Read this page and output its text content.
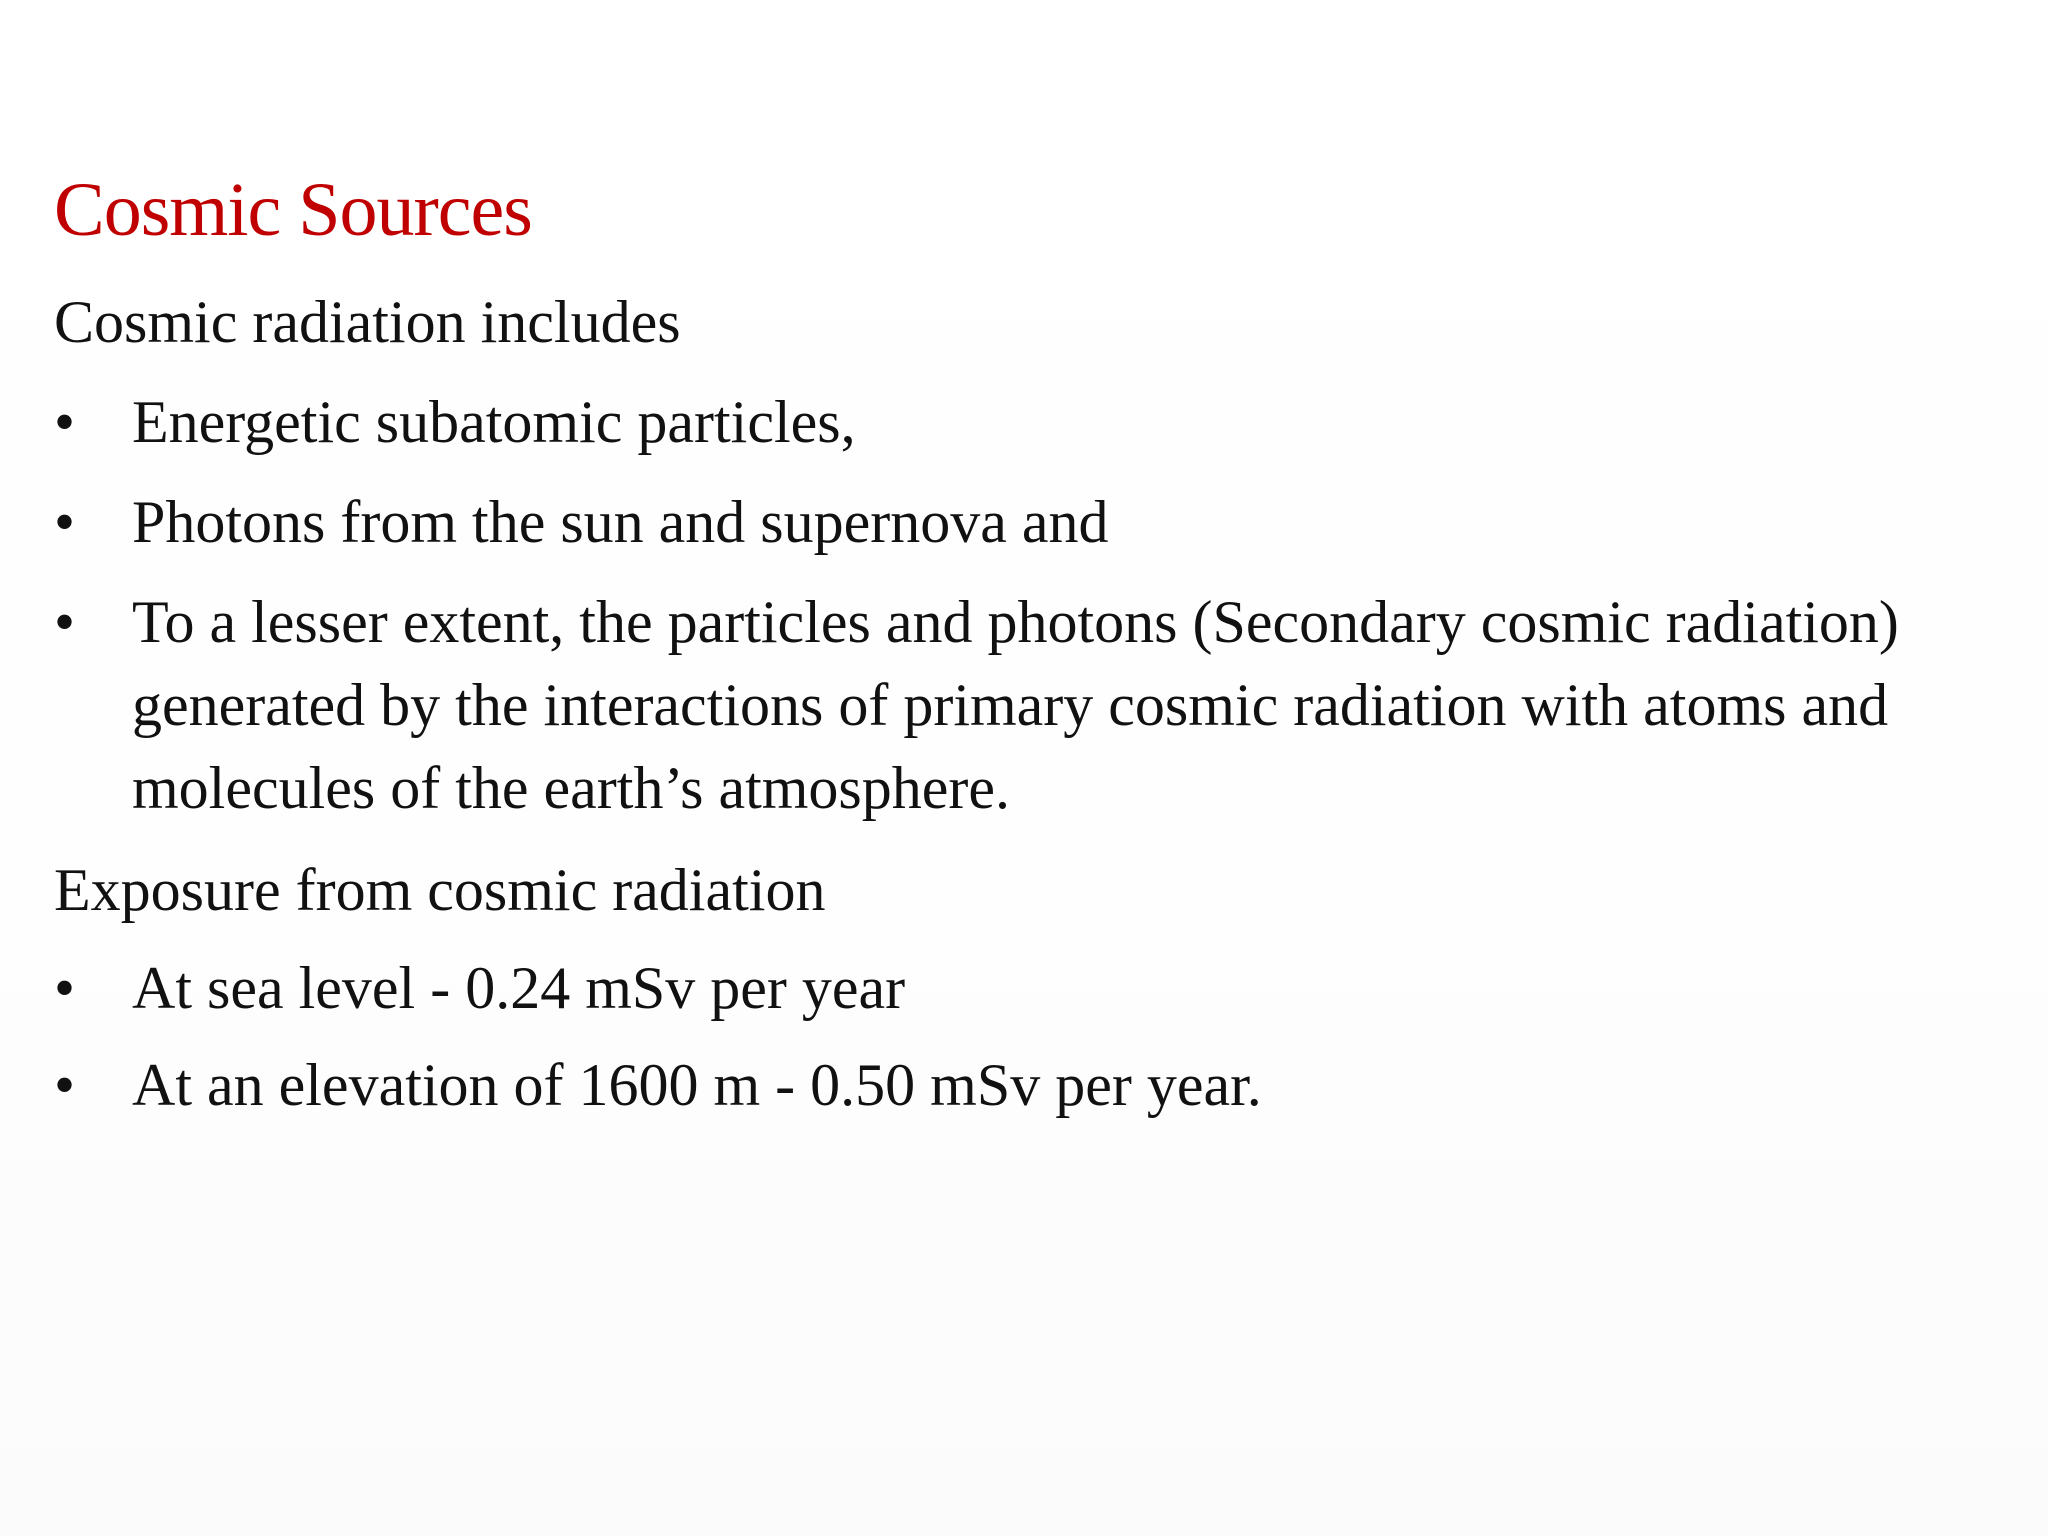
Cosmic Sources

Cosmic radiation includes

• Energetic subatomic particles,
• Photons from the sun and supernova and
• To a lesser extent, the particles and photons (Secondary cosmic radiation) generated by the interactions of primary cosmic radiation with atoms and molecules of the earth’s atmosphere.

Exposure from cosmic radiation

• At sea level - 0.24 mSv per year
• At an elevation of 1600 m - 0.50 mSv per year.
